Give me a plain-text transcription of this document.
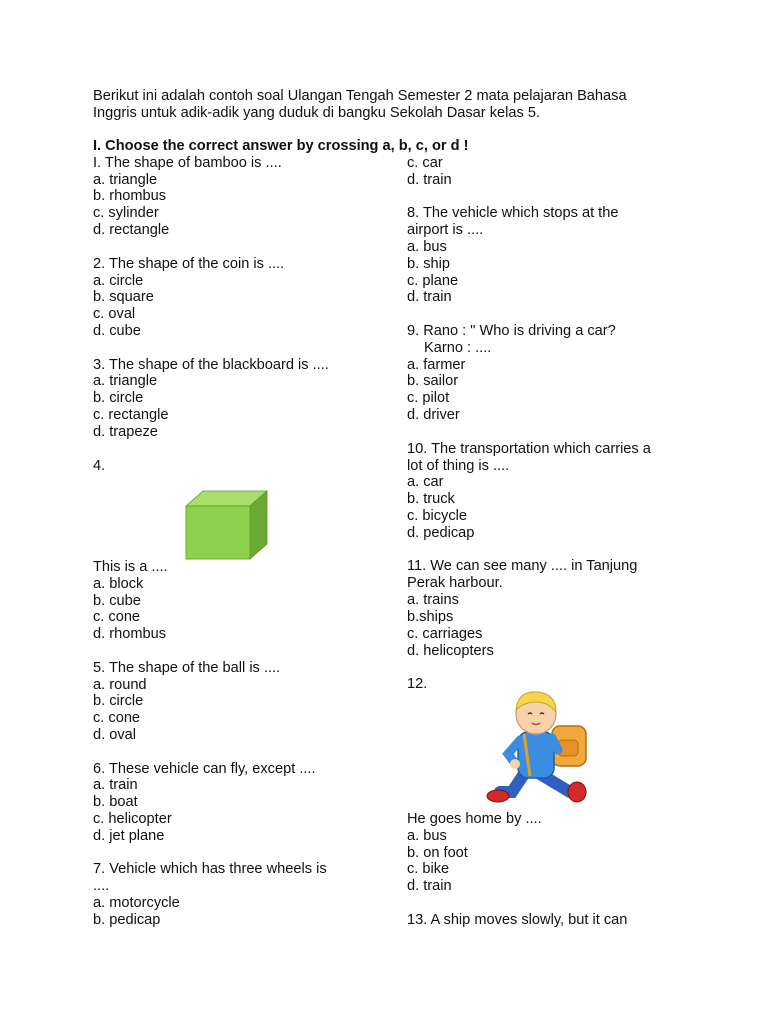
Berikut ini adalah contoh soal Ulangan Tengah Semester 2 mata pelajaran Bahasa
Inggris untuk adik-adik yang duduk di bangku Sekolah Dasar kelas 5.
I. Choose the correct answer by crossing a, b, c, or d !
I. The shape of bamboo is ....
a. triangle
b. rhombus
c. sylinder
d. rectangle
2. The shape of the coin is ....
a. circle
b. square
c. oval
d. cube
3. The shape of the blackboard is ....
a. triangle
b. circle
c. rectangle
d. trapeze
4.
This is a ....
a. block
b. cube
c. cone
d. rhombus
5. The shape of the ball is ....
a. round
b. circle
c. cone
d. oval
6. These vehicle can fly, except ....
a. train
b. boat
c. helicopter
d. jet plane
7. Vehicle which has three wheels is
....
a. motorcycle
b. pedicap
c. car
d. train
8. The vehicle which stops at the
airport is ....
a. bus
b. ship
c. plane
d. train
9. Rano : " Who is driving a car?
Karno : ....
a. farmer
b. sailor
c. pilot
d. driver
10. The transportation which carries a
lot of thing is ....
a. car
b. truck
c. bicycle
d. pedicap
11. We can see many .... in Tanjung
Perak harbour.
a. trains
b.ships
c. carriages
d. helicopters
12.
He goes home by ....
a. bus
b. on foot
c. bike
d. train
13. A ship moves slowly, but it can
